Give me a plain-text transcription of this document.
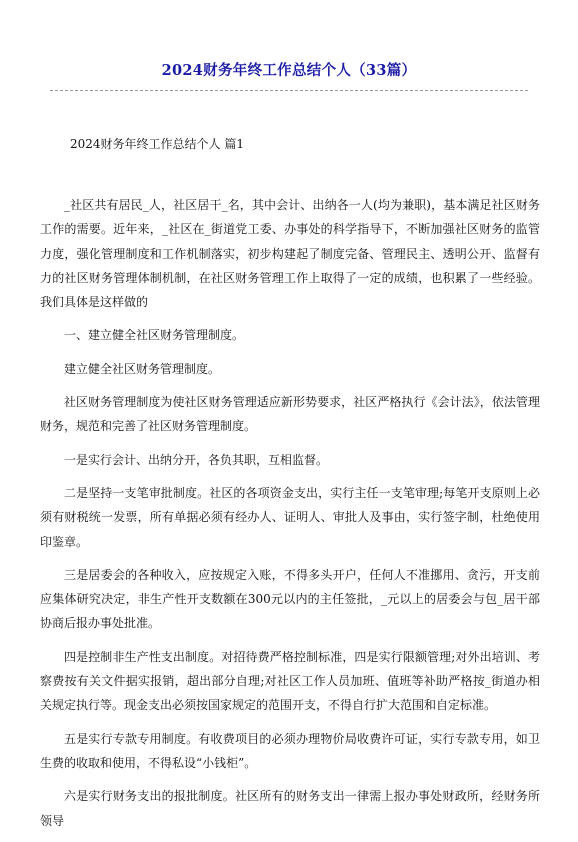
2024财务年终工作总结个人（33篇）
2024财务年终工作总结个人 篇1

_社区共有居民_人，社区居干_名，其中会计、出纳各一人(均为兼职)，基本满足社区财务工作的需要。近年来，_社区在_街道党工委、办事处的科学指导下，不断加强社区财务的监管力度，强化管理制度和工作机制落实，初步构建起了制度完备、管理民主、透明公开、监督有力的社区财务管理体制机制，在社区财务管理工作上取得了一定的成绩，也积累了一些经验。我们具体是这样做的

一、建立健全社区财务管理制度。

建立健全社区财务管理制度。

社区财务管理制度为使社区财务管理适应新形势要求，社区严格执行《会计法》，依法管理财务，规范和完善了社区财务管理制度。

一是实行会计、出纳分开，各负其职，互相监督。

二是坚持一支笔审批制度。社区的各项资金支出，实行主任一支笔审理;每笔开支原则上必须有财税统一发票，所有单据必须有经办人、证明人、审批人及事由，实行签字制，杜绝使用印鉴章。

三是居委会的各种收入，应按规定入账，不得多头开户，任何人不准挪用、贪污，开支前应集体研究决定，非生产性开支数额在300元以内的主任签批，_元以上的居委会与包_居干部协商后报办事处批准。

四是控制非生产性支出制度。对招待费严格控制标准，四是实行限额管理;对外出培训、考察费按有关文件据实报销，超出部分自理;对社区工作人员加班、值班等补助严格按_街道办相关规定执行等。现金支出必须按国家规定的范围开支，不得自行扩大范围和自定标准。

五是实行专款专用制度。有收费项目的必须办理物价局收费许可证，实行专款专用，如卫生费的收取和使用，不得私设“小钱柜”。

六是实行财务支出的报批制度。社区所有的财务支出一律需上报办事处财政所，经财务所领导
